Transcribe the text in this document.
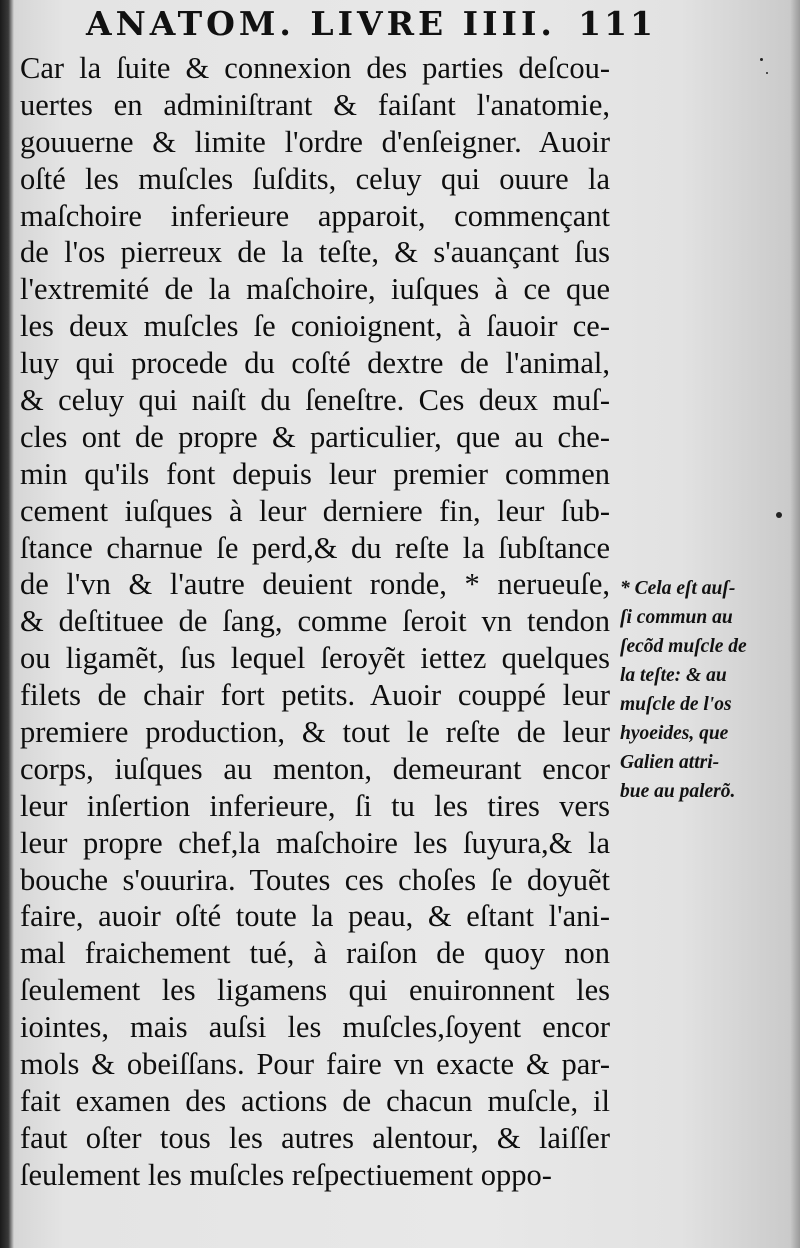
ANATOM. LIVRE IIII. 111
Car la ſuite & connexion des parties deſcou-
uertes en adminiſtrant & faiſant l'anatomie,
gouuerne & limite l'ordre d'enſeigner. Auoir
oſté les muſcles ſuſdits, celuy qui ouure la
maſchoire inferieure apparoit, commençant
de l'os pierreux de la teſte, & s'auançant ſus
l'extremité de la maſchoire, iuſques à ce que
les deux muſcles ſe conioignent, à ſauoir ce-
luy qui procede du coſté dextre de l'animal,
& celuy qui naiſt du ſeneſtre. Ces deux muſ-
cles ont de propre & particulier, que au che-
min qu'ils font depuis leur premier commen
cement iuſques à leur derniere fin, leur ſub-
ſtance charnue ſe perd,& du reſte la ſubſtance
de l'vn & l'autre deuient ronde, * nerueuſe,
& deſtituee de ſang, comme ſeroit vn tendon
ou ligamẽt, ſus lequel ſeroyẽt iettez quelques
filets de chair fort petits. Auoir couppé leur
premiere production, & tout le reſte de leur
corps, iuſques au menton, demeurant encor
leur inſertion inferieure, ſi tu les tires vers
leur propre chef,la maſchoire les ſuyura,& la
bouche s'ouurira. Toutes ces choſes ſe doyuẽt
faire, auoir oſté toute la peau, & eſtant l'ani-
mal fraichement tué, à raiſon de quoy non
ſeulement les ligamens qui enuironnent les
iointes, mais auſsi les muſcles,ſoyent encor
mols & obeiſſans. Pour faire vn exacte & par-
fait examen des actions de chacun muſcle, il
faut oſter tous les autres alentour, & laiſſer
ſeulement les muſcles reſpectiuement oppo-
* Cela eſt auſ-
ſi commun au
ſecõd muſcle de
la teſte: & au
muſcle de l'os
hyoeides, que
Galien attri-
bue au palerõ.
